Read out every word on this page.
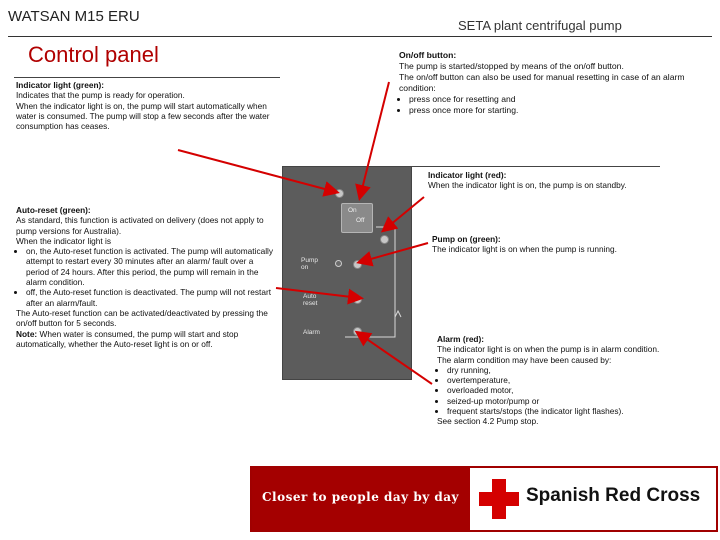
WATSAN M15 ERU
SETA plant centrifugal pump
Control panel
Indicator light (green):
Indicates that the pump is ready for operation.
When the indicator light is on, the pump will start automatically when water is consumed. The pump will stop a few seconds after the water consumption has ceases.
Auto-reset (green):
As standard, this function is activated on delivery (does not apply to pump versions for Australia).
When the indicator light is
• on, the Auto-reset function is activated. The pump will automatically attempt to restart every 30 minutes after an alarm/ fault over a period of 24 hours. After this period, the pump will remain in the alarm condition.
• off, the Auto-reset function is deactivated. The pump will not restart after an alarm/fault.
The Auto-reset function can be activated/deactivated by pressing the on/off button for 5 seconds.
Note: When water is consumed, the pump will start and stop automatically, whether the Auto-reset light is on or off.
On/off button:
The pump is started/stopped by means of the on/off button.
The on/off button can also be used for manual resetting in case of an alarm condition:
• press once for resetting and
• press once more for starting.
Indicator light (red):
When the indicator light is on, the pump is on standby.
Pump on (green):
The indicator light is on when the pump is running.
Alarm (red):
The indicator light is on when the pump is in alarm condition.
The alarm condition may have been caused by:
• dry running,
• overtemperature,
• overloaded motor,
• seized-up motor/pump or
• frequent starts/stops (the indicator light flashes).
See section 4.2 Pump stop.
On
Off
Pump on
Auto reset
Alarm
Closer to people day by day	Spanish Red Cross
